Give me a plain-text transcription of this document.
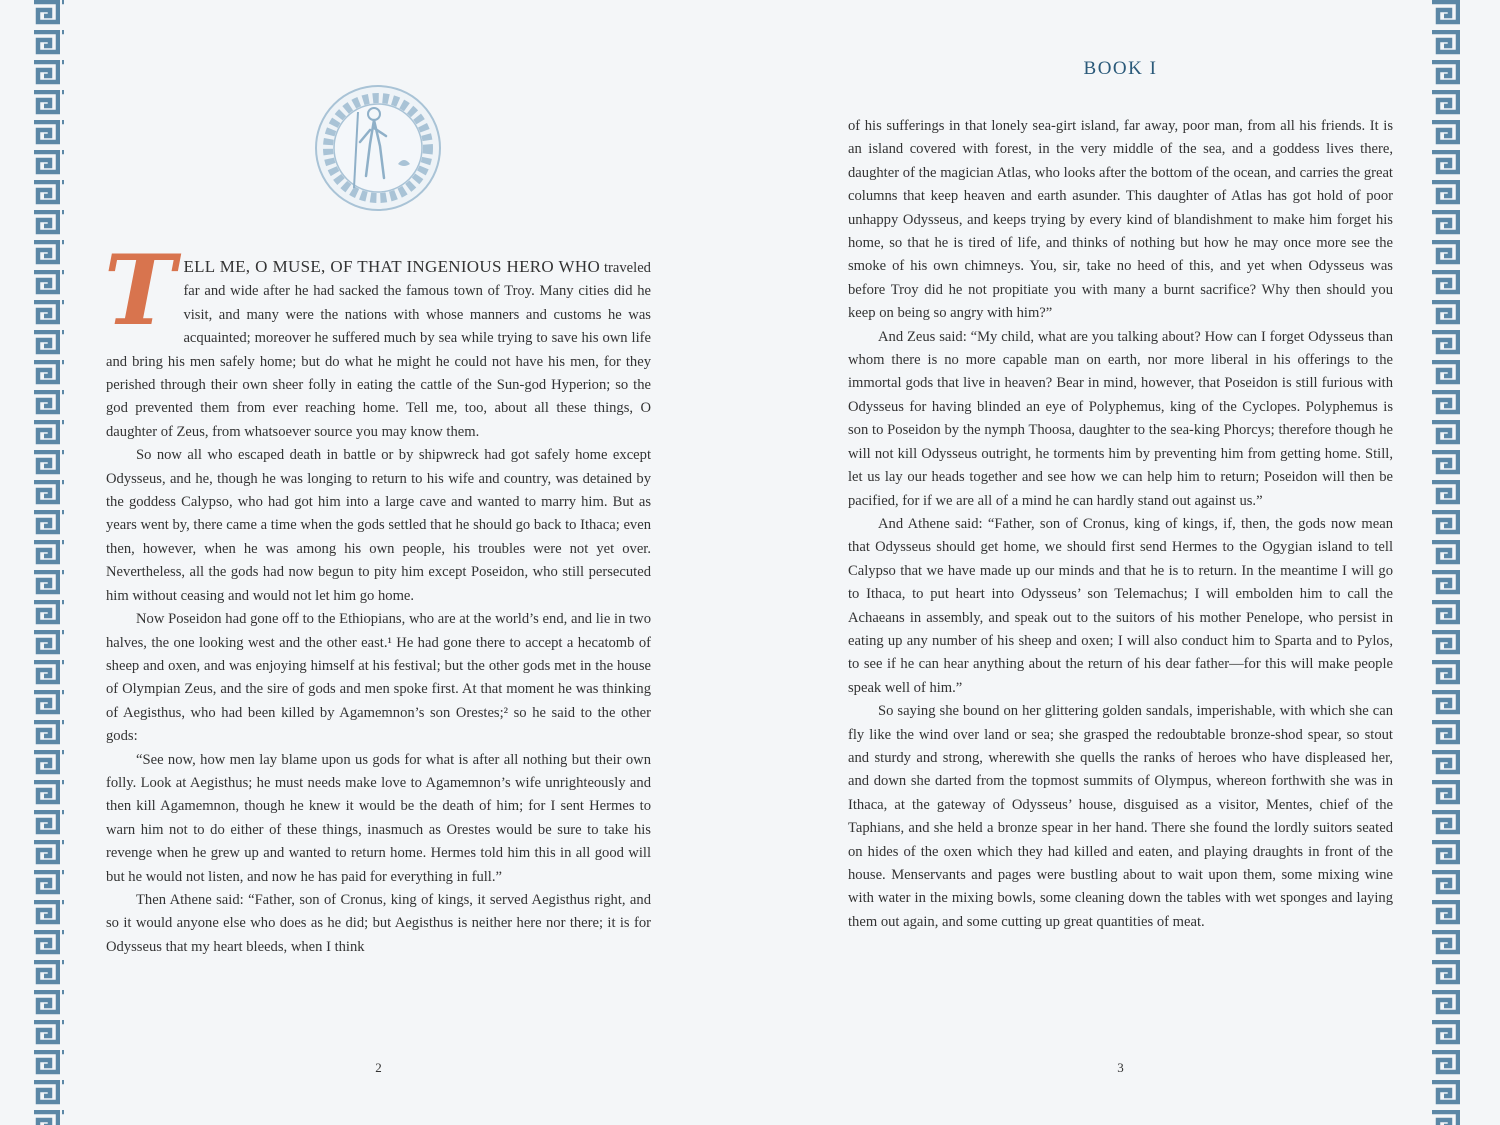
T ELL ME, O MUSE, OF THAT INGENIOUS HERO WHO traveled far and wide after he had sacked the famous town of Troy. Many cities did he visit, and many were the nations with whose manners and customs he was acquainted; moreover he suffered much by sea while trying to save his own life and bring his men safely home; but do what he might he could not have his men, for they perished through their own sheer folly in eating the cattle of the Sun-god Hyperion; so the god prevented them from ever reaching home. Tell me, too, about all these things, O daughter of Zeus, from whatsoever source you may know them.

So now all who escaped death in battle or by shipwreck had got safely home except Odysseus, and he, though he was longing to return to his wife and country, was detained by the goddess Calypso, who had got him into a large cave and wanted to marry him. But as years went by, there came a time when the gods settled that he should go back to Ithaca; even then, however, when he was among his own people, his troubles were not yet over. Nevertheless, all the gods had now begun to pity him except Poseidon, who still persecuted him without ceasing and would not let him go home.

Now Poseidon had gone off to the Ethiopians, who are at the world’s end, and lie in two halves, the one looking west and the other east.¹ He had gone there to accept a hecatomb of sheep and oxen, and was enjoying himself at his festival; but the other gods met in the house of Olympian Zeus, and the sire of gods and men spoke first. At that moment he was thinking of Aegisthus, who had been killed by Agamemnon’s son Orestes;² so he said to the other gods:

“See now, how men lay blame upon us gods for what is after all nothing but their own folly. Look at Aegisthus; he must needs make love to Agamemnon’s wife unrighteously and then kill Agamemnon, though he knew it would be the death of him; for I sent Hermes to warn him not to do either of these things, inasmuch as Orestes would be sure to take his revenge when he grew up and wanted to return home. Hermes told him this in all good will but he would not listen, and now he has paid for everything in full.”

Then Athene said: “Father, son of Cronus, king of kings, it served Aegisthus right, and so it would anyone else who does as he did; but Aegisthus is neither here nor there; it is for Odysseus that my heart bleeds, when I think

2
BOOK I

of his sufferings in that lonely sea-girt island, far away, poor man, from all his friends. It is an island covered with forest, in the very middle of the sea, and a goddess lives there, daughter of the magician Atlas, who looks after the bottom of the ocean, and carries the great columns that keep heaven and earth asunder. This daughter of Atlas has got hold of poor unhappy Odysseus, and keeps trying by every kind of blandishment to make him forget his home, so that he is tired of life, and thinks of nothing but how he may once more see the smoke of his own chimneys. You, sir, take no heed of this, and yet when Odysseus was before Troy did he not propitiate you with many a burnt sacrifice? Why then should you keep on being so angry with him?”

And Zeus said: “My child, what are you talking about? How can I forget Odysseus than whom there is no more capable man on earth, nor more liberal in his offerings to the immortal gods that live in heaven? Bear in mind, however, that Poseidon is still furious with Odysseus for having blinded an eye of Polyphemus, king of the Cyclopes. Polyphemus is son to Poseidon by the nymph Thoosa, daughter to the sea-king Phorcys; therefore though he will not kill Odysseus outright, he torments him by preventing him from getting home. Still, let us lay our heads together and see how we can help him to return; Poseidon will then be pacified, for if we are all of a mind he can hardly stand out against us.”

And Athene said: “Father, son of Cronus, king of kings, if, then, the gods now mean that Odysseus should get home, we should first send Hermes to the Ogygian island to tell Calypso that we have made up our minds and that he is to return. In the meantime I will go to Ithaca, to put heart into Odysseus’ son Telemachus; I will embolden him to call the Achaeans in assembly, and speak out to the suitors of his mother Penelope, who persist in eating up any number of his sheep and oxen; I will also conduct him to Sparta and to Pylos, to see if he can hear anything about the return of his dear father—for this will make people speak well of him.”

So saying she bound on her glittering golden sandals, imperishable, with which she can fly like the wind over land or sea; she grasped the redoubtable bronze-shod spear, so stout and sturdy and strong, wherewith she quells the ranks of heroes who have displeased her, and down she darted from the topmost summits of Olympus, whereon forthwith she was in Ithaca, at the gateway of Odysseus’ house, disguised as a visitor, Mentes, chief of the Taphians, and she held a bronze spear in her hand. There she found the lordly suitors seated on hides of the oxen which they had killed and eaten, and playing draughts in front of the house. Menservants and pages were bustling about to wait upon them, some mixing wine with water in the mixing bowls, some cleaning down the tables with wet sponges and laying them out again, and some cutting up great quantities of meat.

3
